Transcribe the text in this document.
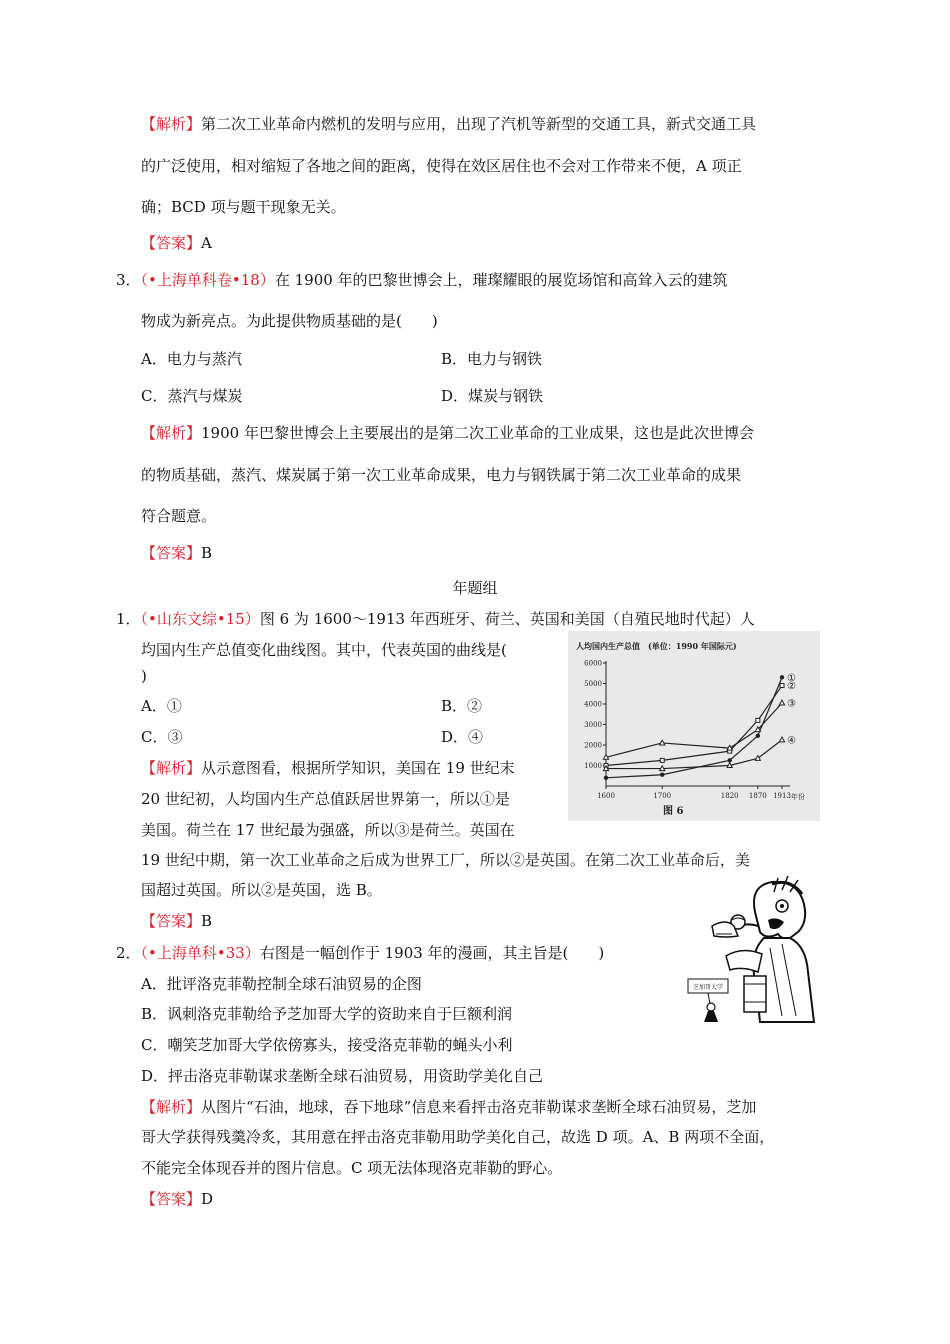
【解析】第二次工业革命内燃机的发明与应用，出现了汽机等新型的交通工具，新式交通工具
的广泛使用，相对缩短了各地之间的距离，使得在效区居住也不会对工作带来不便，A 项正
确；BCD 项与题干现象无关。
【答案】A
3．（•上海单科卷•18）在 1900 年的巴黎世博会上，璀璨耀眼的展览场馆和高耸入云的建筑
物成为新亮点。为此提供物质基础的是(　　)
A．电力与蒸汽	B．电力与钢铁
C．蒸汽与煤炭	D．煤炭与钢铁
【解析】1900 年巴黎世博会上主要展出的是第二次工业革命的工业成果，这也是此次世博会
的物质基础，蒸汽、煤炭属于第一次工业革命成果，电力与钢铁属于第二次工业革命的成果
符合题意。
【答案】B
年题组
1．（•山东文综•15）图 6 为 1600～1913 年西班牙、荷兰、英国和美国（自殖民地时代起）人
均国内生产总值变化曲线图。其中，代表英国的曲线是(
)
A．①	B．②
C．③	D．④
【解析】从示意图看，根据所学知识，美国在 19 世纪末
20 世纪初，人均国内生产总值跃居世界第一，所以①是
美国。荷兰在 17 世纪最为强盛，所以③是荷兰。英国在
19 世纪中期，第一次工业革命之后成为世界工厂，所以②是英国。在第二次工业革命后，美
国超过英国。所以②是英国，选 B。
【答案】B
人均国内生产总值　(单位：1990 年国际元)
1000
2000
3000
4000
5000
6000
1600	1700	1820 1870 1913 年份
①
②
③
④
图 6
芝加哥大学
2．（•上海单科•33）右图是一幅创作于 1903 年的漫画，其主旨是(　　)
A．批评洛克菲勒控制全球石油贸易的企图
B．讽刺洛克菲勒给予芝加哥大学的资助来自于巨额利润
C．嘲笑芝加哥大学依傍寡头，接受洛克菲勒的蝇头小利
D．抨击洛克菲勒谋求垄断全球石油贸易，用资助学美化自己
【解析】从图片“石油，地球，吞下地球”信息来看抨击洛克菲勒谋求垄断全球石油贸易，芝加
哥大学获得残羹冷炙，其用意在抨击洛克菲勒用助学美化自己，故选 D 项。A、B 两项不全面，
不能完全体现吞并的图片信息。C 项无法体现洛克菲勒的野心。
【答案】D
